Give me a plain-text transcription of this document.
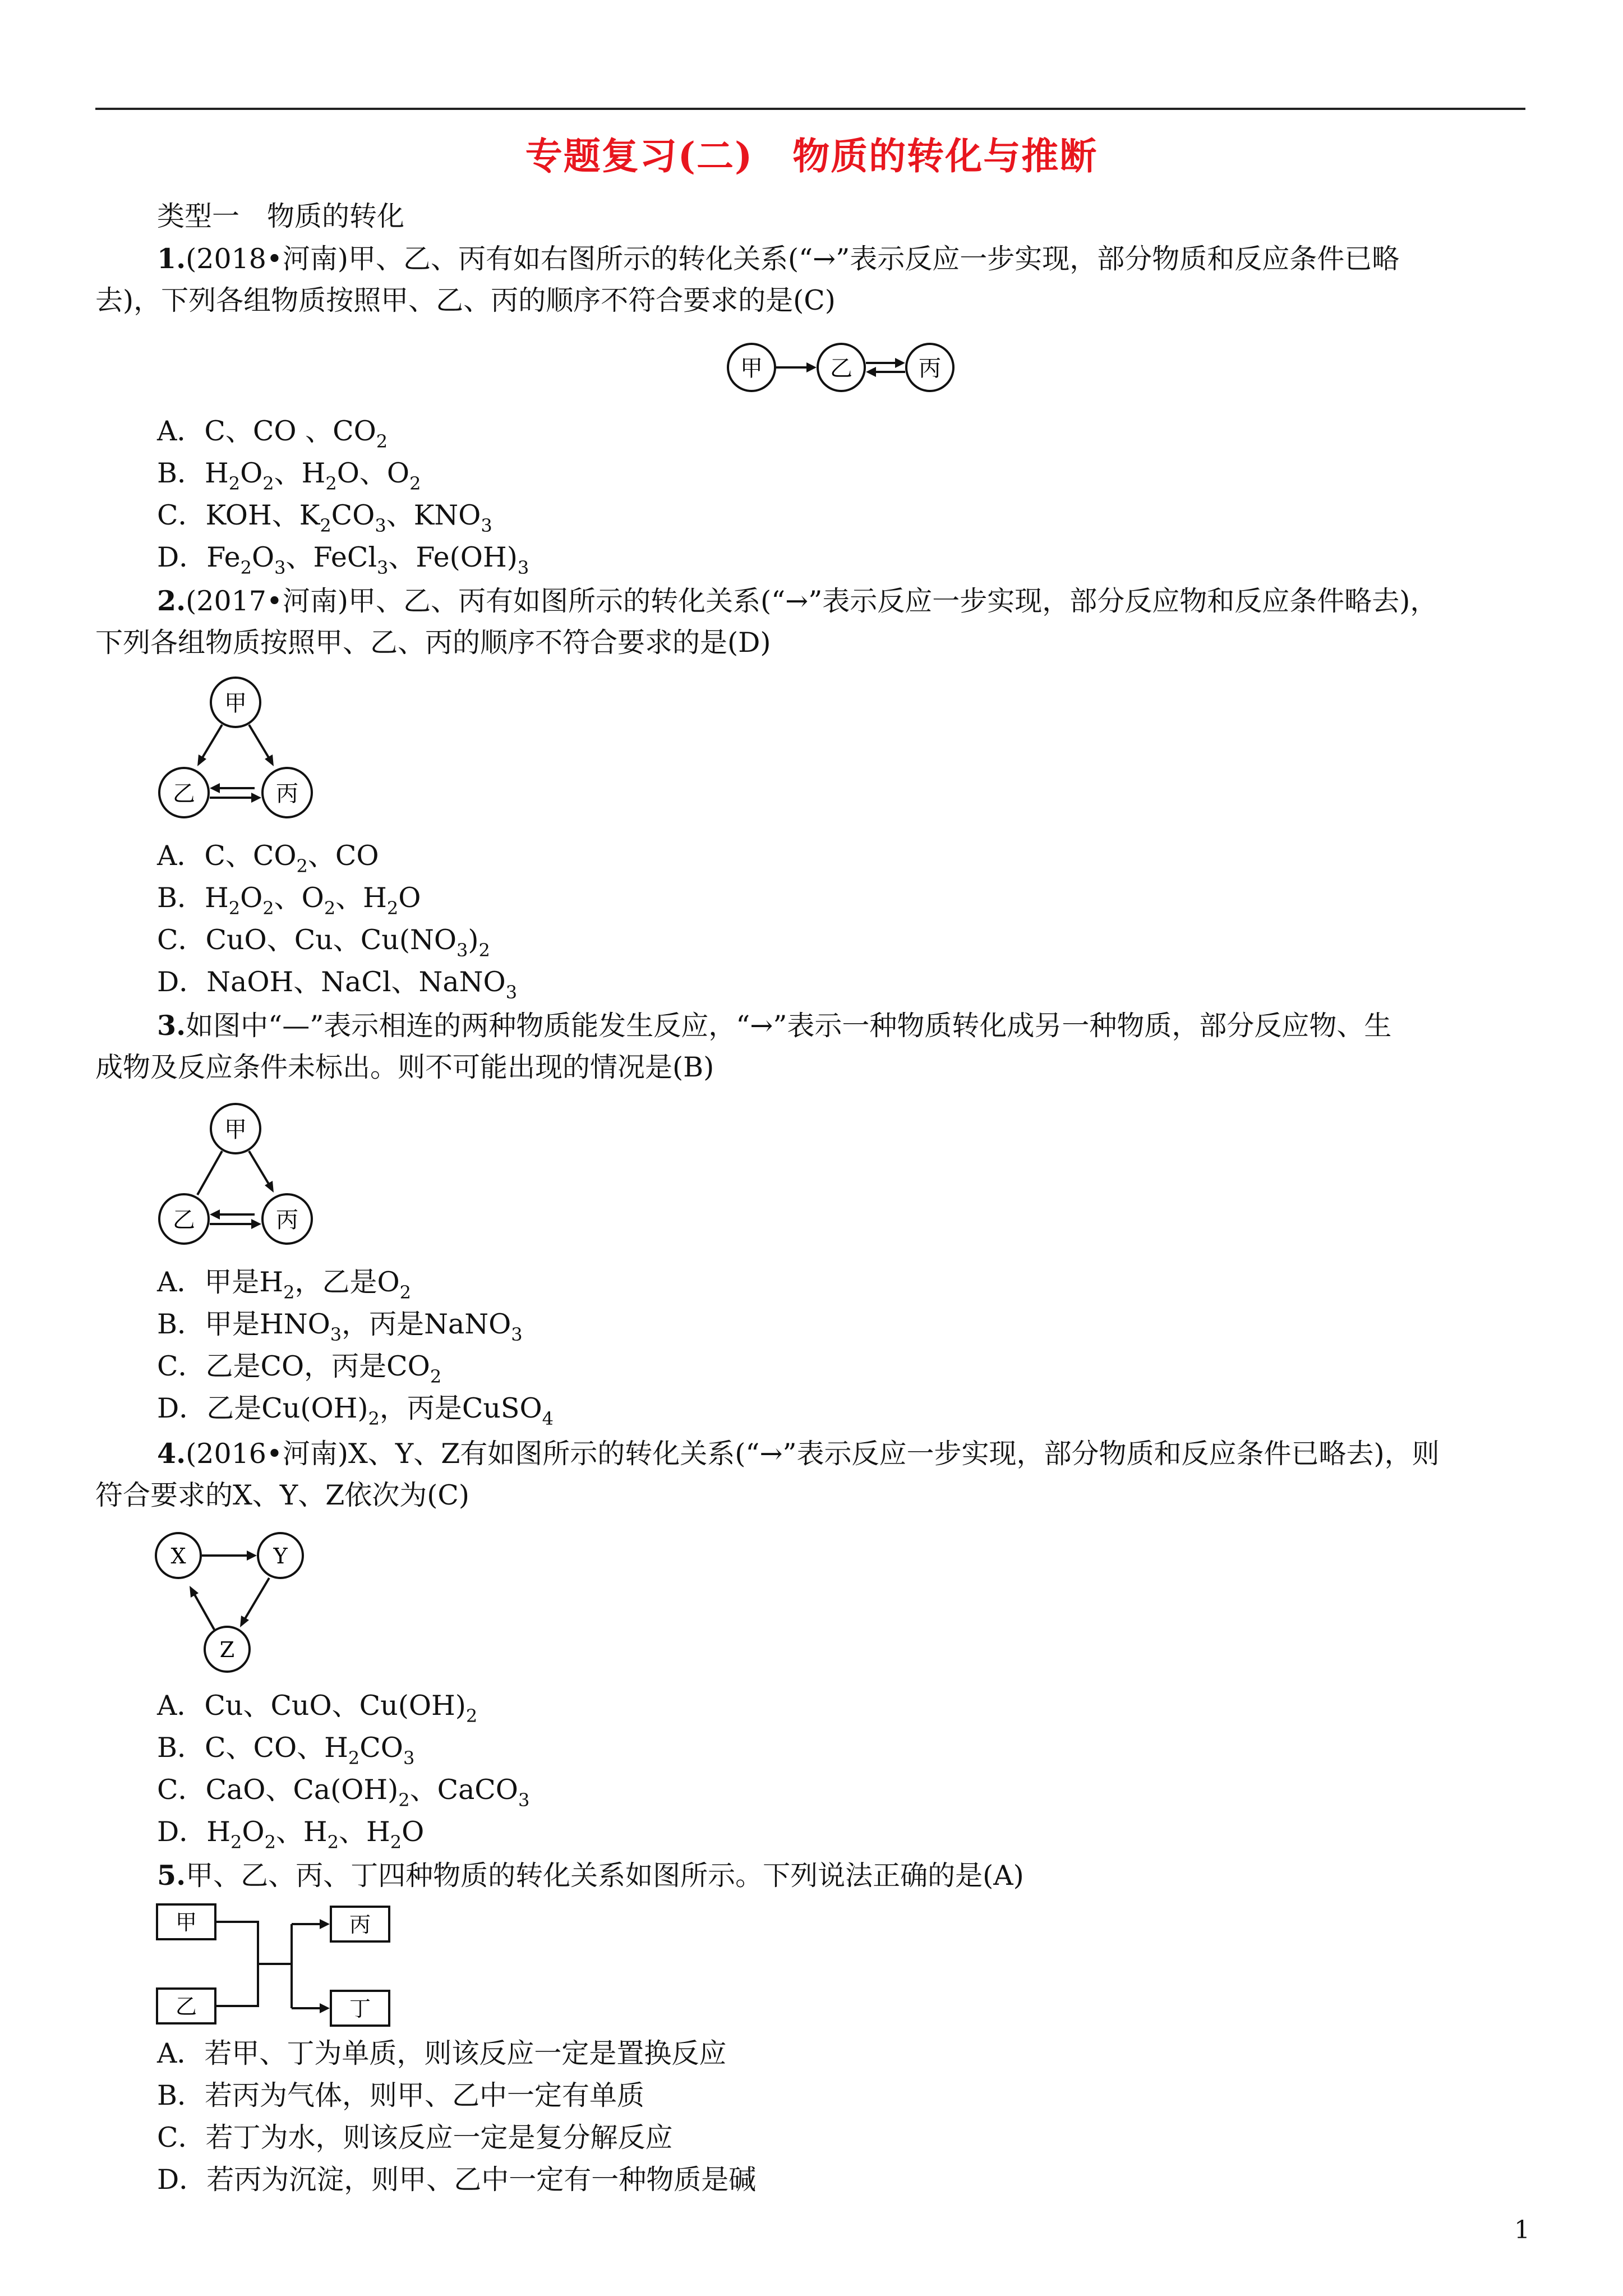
专题复习(二) 物质的转化与推断
类型一　物质的转化
1.(2018•河南)甲、乙、丙有如右图所示的转化关系(“→”表示反应一步实现，部分物质和反应条件已略
去)，下列各组物质按照甲、乙、丙的顺序不符合要求的是(C)
甲	乙	丙
A．C、CO 、$CO_2$
B．$H_2O_2$、$H_2O$、$O_2$
C．KOH、$K_2CO_3$、$KNO_3$
D．$Fe_2O_3$、FeCl$_3$、$Fe(OH)_3$
2.(2017•河南)甲、乙、丙有如图所示的转化关系(“→”表示反应一步实现，部分反应物和反应条件略去)，
下列各组物质按照甲、乙、丙的顺序不符合要求的是(D)
甲
乙	丙
A．C、$CO_2$、CO
B．$H_2O_2$、$O_2$、$H_2O$
C．CuO、Cu、$Cu(NO_3)_2$
D．NaOH、NaCl、NaNO$_3$
3.如图中“—”表示相连的两种物质能发生反应，“→”表示一种物质转化成另一种物质，部分反应物、生
成物及反应条件未标出。则不可能出现的情况是(B)
甲
乙	丙
A．甲是$H_2$，乙是$O_2$
B．甲是$HNO_3$，丙是NaNO$_3$
C．乙是CO，丙是$CO_2$
D．乙是$Cu(OH)_2$，丙是CuSO$_4$
4.(2016•河南)X、Y、Z有如图所示的转化关系(“→”表示反应一步实现，部分物质和反应条件已略去)，则
符合要求的X、Y、Z依次为(C)
X	Y
Z
A．Cu、CuO、$Cu(OH)_2$
B．C、CO、$H_2CO_3$
C．CaO、$Ca(OH)_2$、CaCO$_3$
D．$H_2O_2$、$H_2$、$H_2O$
5.甲、乙、丙、丁四种物质的转化关系如图所示。下列说法正确的是(A)
甲
乙
丙
丁
A．若甲、丁为单质，则该反应一定是置换反应
B．若丙为气体，则甲、乙中一定有单质
C．若丁为水，则该反应一定是复分解反应
D．若丙为沉淀，则甲、乙中一定有一种物质是碱
1
